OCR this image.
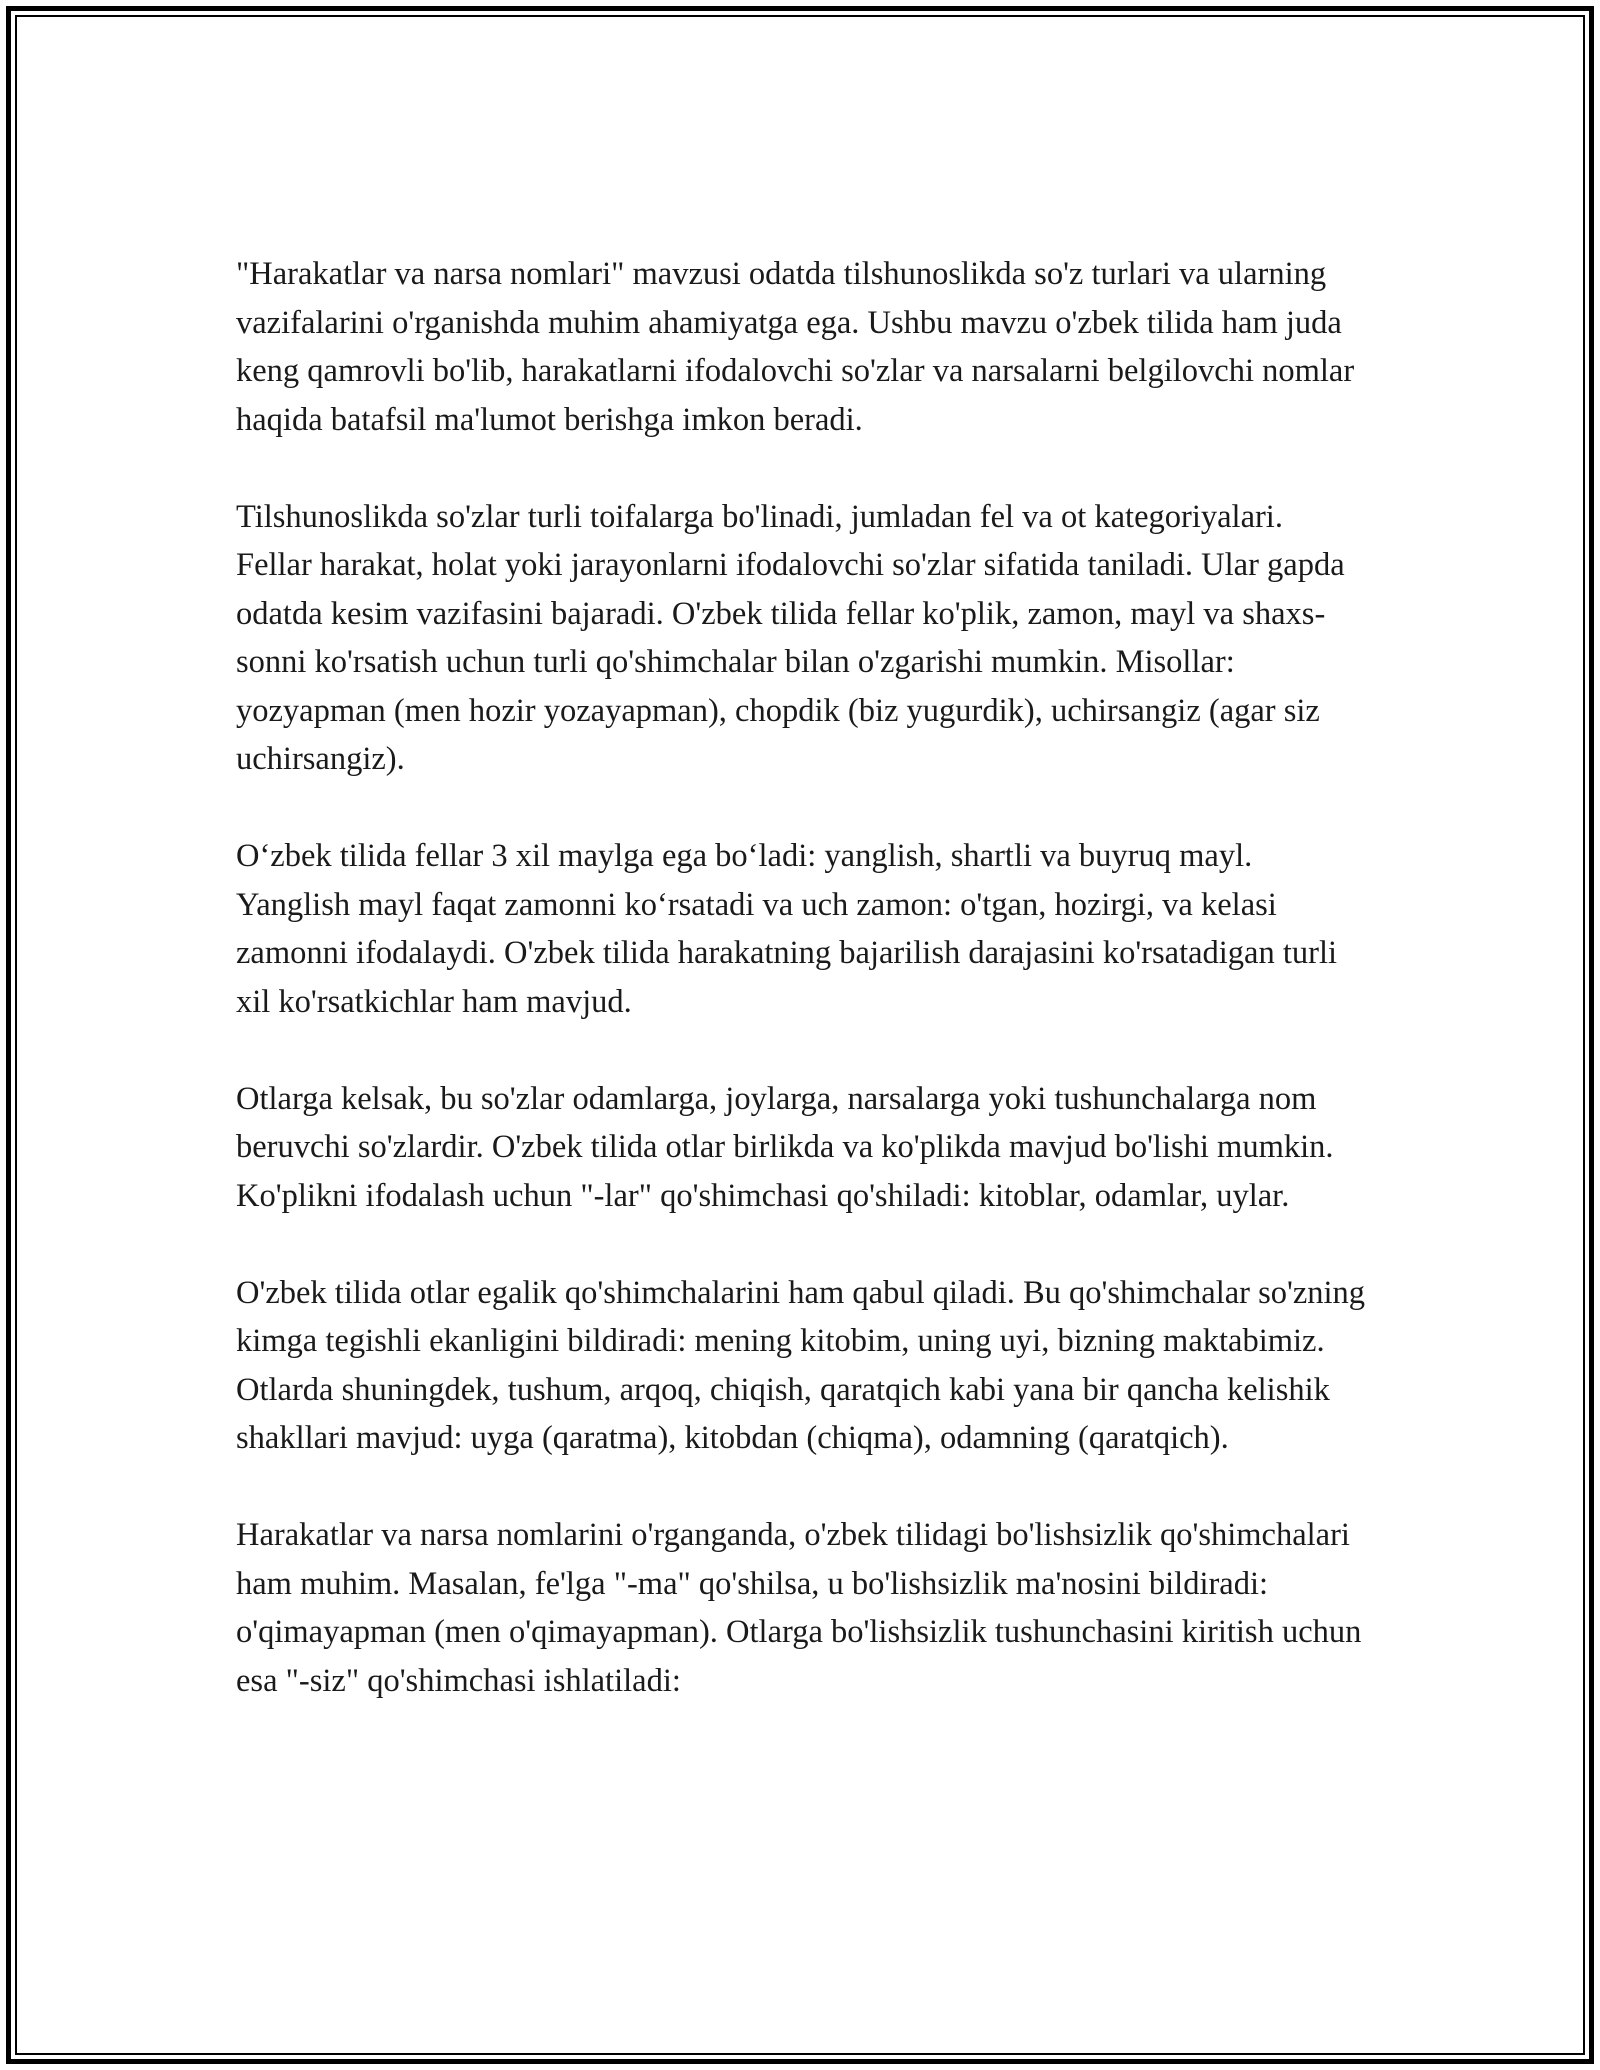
"Harakatlar va narsa nomlari" mavzusi odatda tilshunoslikda so'z turlari va ularning vazifalarini o'rganishda muhim ahamiyatga ega. Ushbu mavzu o'zbek tilida ham juda keng qamrovli bo'lib, harakatlarni ifodalovchi so'zlar va narsalarni belgilovchi nomlar haqida batafsil ma'lumot berishga imkon beradi.

Tilshunoslikda so'zlar turli toifalarga bo'linadi, jumladan fel va ot kategoriyalari. Fellar harakat, holat yoki jarayonlarni ifodalovchi so'zlar sifatida taniladi. Ular gapda odatda kesim vazifasini bajaradi. O'zbek tilida fellar ko'plik, zamon, mayl va shaxs-sonni ko'rsatish uchun turli qo'shimchalar bilan o'zgarishi mumkin. Misollar: yozyapman (men hozir yozayapman), chopdik (biz yugurdik), uchirsangiz (agar siz uchirsangiz).

O‘zbek tilida fellar 3 xil maylga ega bo‘ladi: yanglish, shartli va buyruq mayl. Yanglish mayl faqat zamonni ko‘rsatadi va uch zamon: o'tgan, hozirgi, va kelasi zamonni ifodalaydi. O'zbek tilida harakatning bajarilish darajasini ko'rsatadigan turli xil ko'rsatkichlar ham mavjud.

Otlarga kelsak, bu so'zlar odamlarga, joylarga, narsalarga yoki tushunchalarga nom beruvchi so'zlardir. O'zbek tilida otlar birlikda va ko'plikda mavjud bo'lishi mumkin. Ko'plikni ifodalash uchun "-lar" qo'shimchasi qo'shiladi: kitoblar, odamlar, uylar.

O'zbek tilida otlar egalik qo'shimchalarini ham qabul qiladi. Bu qo'shimchalar so'zning kimga tegishli ekanligini bildiradi: mening kitobim, uning uyi, bizning maktabimiz. Otlarda shuningdek, tushum, arqoq, chiqish, qaratqich kabi yana bir qancha kelishik shakllari mavjud: uyga (qaratma), kitobdan (chiqma), odamning (qaratqich).

Harakatlar va narsa nomlarini o'rganganda, o'zbek tilidagi bo'lishsizlik qo'shimchalari ham muhim. Masalan, fe'lga "-ma" qo'shilsa, u bo'lishsizlik ma'nosini bildiradi: o'qimayapman (men o'qimayapman). Otlarga bo'lishsizlik tushunchasini kiritish uchun esa "-siz" qo'shimchasi ishlatiladi:
